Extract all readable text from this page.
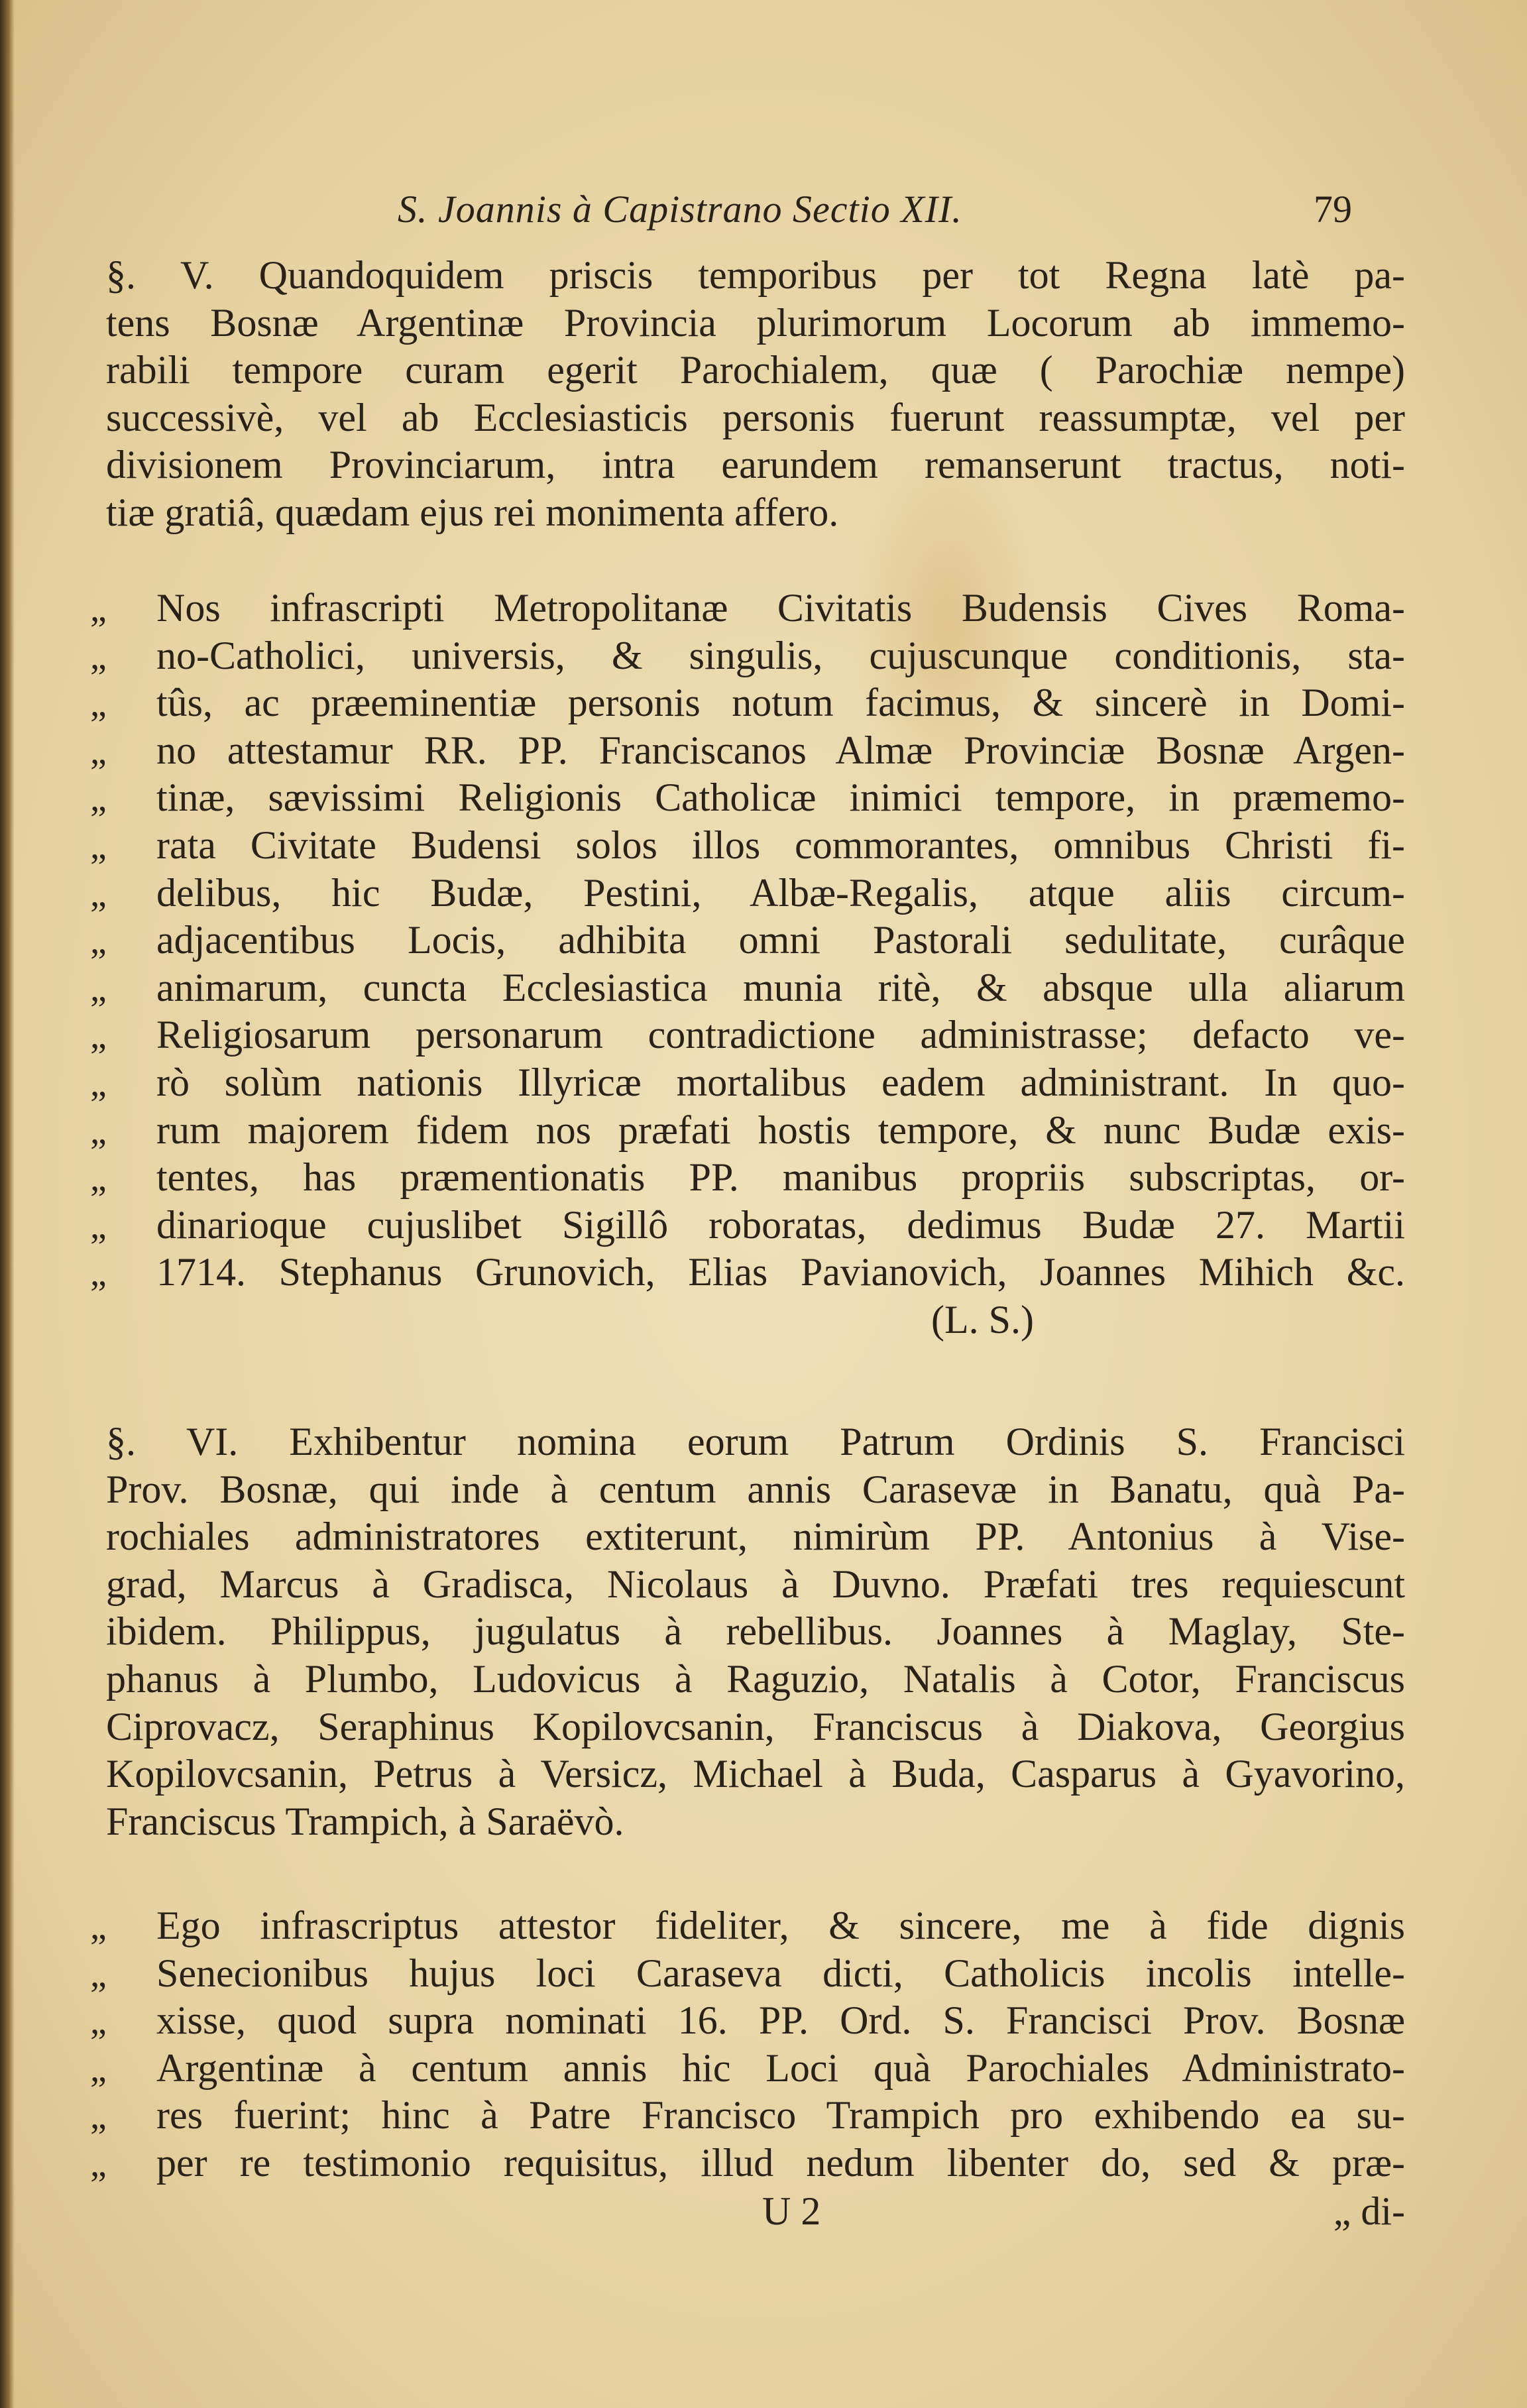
S. Joannis à Capistrano Sectio XII.	79
§. V. Quandoquidem priscis temporibus per tot Regna latè pa-
tens Bosnæ Argentinæ Provincia plurimorum Locorum ab immemo-
rabili tempore curam egerit Parochialem, quæ ( Parochiæ nempe)
successivè, vel ab Ecclesiasticis personis fuerunt reassumptæ, vel per
divisionem Provinciarum, intra earundem remanserunt tractus, noti-
tiæ gratiâ, quædam ejus rei monimenta affero.
„ Nos infrascripti Metropolitanæ Civitatis Budensis Cives Roma-
„ no-Catholici, universis, & singulis, cujuscunque conditionis, sta-
„ tûs, ac præeminentiæ personis notum facimus, & sincerè in Domi-
„ no attestamur RR. PP. Franciscanos Almæ Provinciæ Bosnæ Argen-
„ tinæ, sævissimi Religionis Catholicæ inimici tempore, in præmemo-
„ rata Civitate Budensi solos illos commorantes, omnibus Christi fi-
„ delibus, hic Budæ, Pestini, Albæ-Regalis, atque aliis circum-
„ adjacentibus Locis, adhibita omni Pastorali sedulitate, curâque
„ animarum, cuncta Ecclesiastica munia ritè, & absque ulla aliarum
„ Religiosarum personarum contradictione administrasse; defacto ve-
„ rò solùm nationis Illyricæ mortalibus eadem administrant. In quo-
„ rum majorem fidem nos præfati hostis tempore, & nunc Budæ exis-
„ tentes, has præmentionatis PP. manibus propriis subscriptas, or-
„ dinarioque cujuslibet Sigillô roboratas, dedimus Budæ 27. Martii
„ 1714. Stephanus Grunovich, Elias Pavianovich, Joannes Mihich &c.
(L. S.)
§. VI. Exhibentur nomina eorum Patrum Ordinis S. Francisci
Prov. Bosnæ, qui inde à centum annis Carasevæ in Banatu, quà Pa-
rochiales administratores extiterunt, nimirùm PP. Antonius à Vise-
grad, Marcus à Gradisca, Nicolaus à Duvno. Præfati tres requiescunt
ibidem. Philippus, jugulatus à rebellibus. Joannes à Maglay, Ste-
phanus à Plumbo, Ludovicus à Raguzio, Natalis à Cotor, Franciscus
Ciprovacz, Seraphinus Kopilovcsanin, Franciscus à Diakova, Georgius
Kopilovcsanin, Petrus à Versicz, Michael à Buda, Casparus à Gyavorino,
Franciscus Trampich, à Saraëvò.
„ Ego infrascriptus attestor fideliter, & sincere, me à fide dignis
„ Senecionibus hujus loci Caraseva dicti, Catholicis incolis intelle-
„ xisse, quod supra nominati 16. PP. Ord. S. Francisci Prov. Bosnæ
„ Argentinæ à centum annis hic Loci quà Parochiales Administrato-
„ res fuerint; hinc à Patre Francisco Trampich pro exhibendo ea su-
„ per re testimonio requisitus, illud nedum libenter do, sed & præ-
U 2	„ di-
